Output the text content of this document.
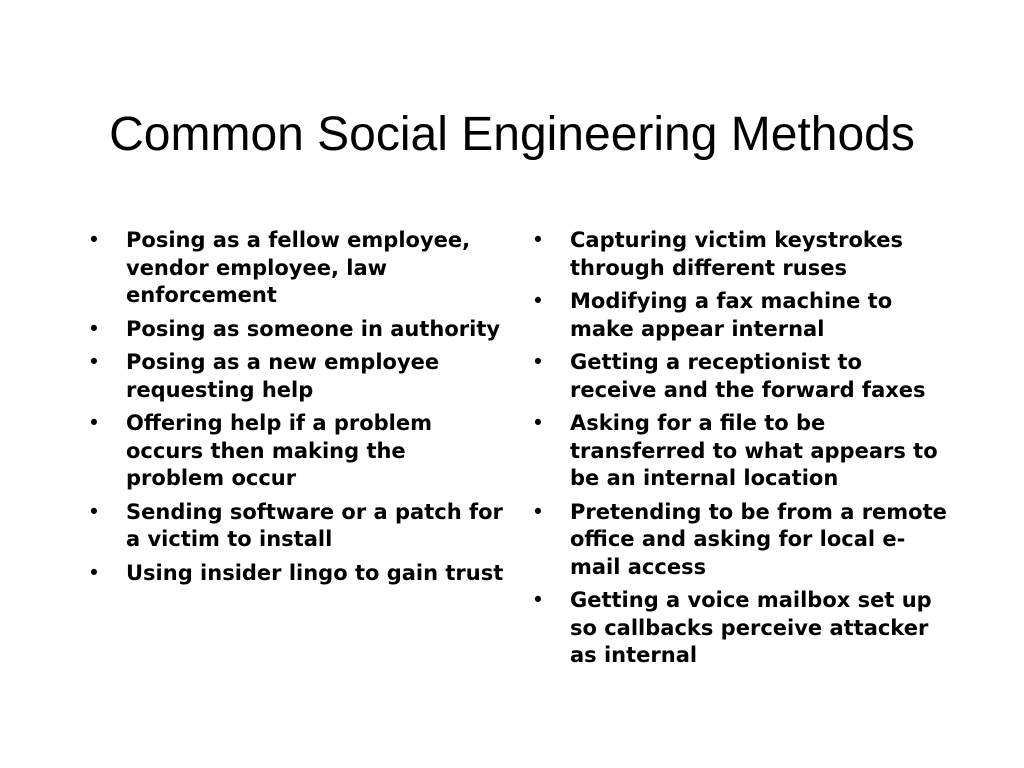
Common Social Engineering Methods
• Posing as a fellow employee, vendor employee, law enforcement
• Posing as someone in authority
• Posing as a new employee requesting help
• Offering help if a problem occurs then making the problem occur
• Sending software or a patch for a victim to install
• Using insider lingo to gain trust
• Capturing victim keystrokes through different ruses
• Modifying a fax machine to make appear internal
• Getting a receptionist to receive and the forward faxes
• Asking for a file to be transferred to what appears to be an internal location
• Pretending to be from a remote office and asking for local e-mail access
• Getting a voice mailbox set up so callbacks perceive attacker as internal
